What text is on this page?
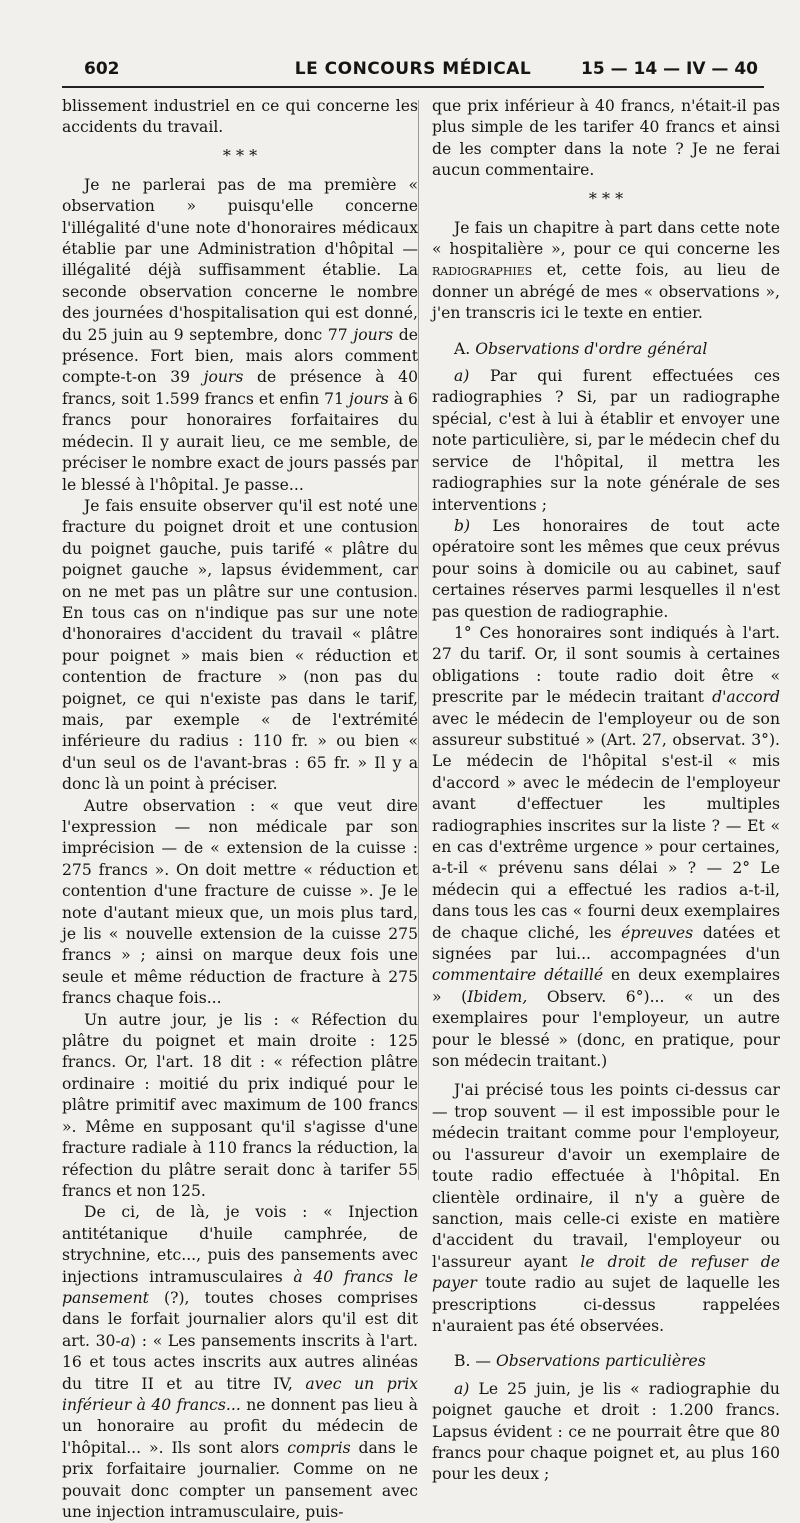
602	LE CONCOURS MÉDICAL	15 — 14 — IV — 40

blissement industriel en ce qui concerne les accidents du travail.

* * *

Je ne parlerai pas de ma première « observation » puisqu'elle concerne l'illégalité d'une note d'honoraires médicaux établie par une Administration d'hôpital — illégalité déjà suffisamment établie. La seconde observation concerne le nombre des journées d'hospitalisation qui est donné, du 25 juin au 9 septembre, donc 77 jours de présence. Fort bien, mais alors comment compte-t-on 39 jours de présence à 40 francs, soit 1.599 francs et enfin 71 jours à 6 francs pour honoraires forfaitaires du médecin. Il y aurait lieu, ce me semble, de préciser le nombre exact de jours passés par le blessé à l'hôpital. Je passe...

Je fais ensuite observer qu'il est noté une fracture du poignet droit et une contusion du poignet gauche, puis tarifé « plâtre du poignet gauche », lapsus évidemment, car on ne met pas un plâtre sur une contusion. En tous cas on n'indique pas sur une note d'honoraires d'accident du travail « plâtre pour poignet » mais bien « réduction et contention de fracture » (non pas du poignet, ce qui n'existe pas dans le tarif, mais, par exemple « de l'extrémité inférieure du radius : 110 fr. » ou bien « d'un seul os de l'avant-bras : 65 fr. » Il y a donc là un point à préciser.

Autre observation : « que veut dire l'expression — non médicale par son imprécision — de « extension de la cuisse : 275 francs ». On doit mettre « réduction et contention d'une fracture de cuisse ». Je le note d'autant mieux que, un mois plus tard, je lis « nouvelle extension de la cuisse 275 francs » ; ainsi on marque deux fois une seule et même réduction de fracture à 275 francs chaque fois...

Un autre jour, je lis : « Réfection du plâtre du poignet et main droite : 125 francs. Or, l'art. 18 dit : « réfection plâtre ordinaire : moitié du prix indiqué pour le plâtre primitif avec maximum de 100 francs ». Même en supposant qu'il s'agisse d'une fracture radiale à 110 francs la réduction, la réfection du plâtre serait donc à tarifer 55 francs et non 125.

De ci, de là, je vois : « Injection antitétanique d'huile camphrée, de strychnine, etc..., puis des pansements avec injections intramusculaires à 40 francs le pansement (?), toutes choses comprises dans le forfait journalier alors qu'il est dit art. 30-a) : « Les pansements inscrits à l'art. 16 et tous actes inscrits aux autres alinéas du titre II et au titre IV, avec un prix inférieur à 40 francs... ne donnent pas lieu à un honoraire au profit du médecin de l'hôpital... ». Ils sont alors compris dans le prix forfaitaire journalier. Comme on ne pouvait donc compter un pansement avec une injection intramusculaire, puis-

que prix inférieur à 40 francs, n'était-il pas plus simple de les tarifer 40 francs et ainsi de les compter dans la note ? Je ne ferai aucun commentaire.

* * *

Je fais un chapitre à part dans cette note « hospitalière », pour ce qui concerne les radiographies et, cette fois, au lieu de donner un abrégé de mes « observations », j'en transcris ici le texte en entier.

A. Observations d'ordre général

a) Par qui furent effectuées ces radiographies ? Si, par un radiographe spécial, c'est à lui à établir et envoyer une note particulière, si, par le médecin chef du service de l'hôpital, il mettra les radiographies sur la note générale de ses interventions ;

b) Les honoraires de tout acte opératoire sont les mêmes que ceux prévus pour soins à domicile ou au cabinet, sauf certaines réserves parmi lesquelles il n'est pas question de radiographie.

1° Ces honoraires sont indiqués à l'art. 27 du tarif. Or, il sont soumis à certaines obligations : toute radio doit être « prescrite par le médecin traitant d'accord avec le médecin de l'employeur ou de son assureur substitué » (Art. 27, observat. 3°). Le médecin de l'hôpital s'est-il « mis d'accord » avec le médecin de l'employeur avant d'effectuer les multiples radiographies inscrites sur la liste ? — Et « en cas d'extrême urgence » pour certaines, a-t-il « prévenu sans délai » ? — 2° Le médecin qui a effectué les radios a-t-il, dans tous les cas « fourni deux exemplaires de chaque cliché, les épreuves datées et signées par lui... accompagnées d'un commentaire détaillé en deux exemplaires » (Ibidem, Observ. 6°)... « un des exemplaires pour l'employeur, un autre pour le blessé » (donc, en pratique, pour son médecin traitant.)

J'ai précisé tous les points ci-dessus car — trop souvent — il est impossible pour le médecin traitant comme pour l'employeur, ou l'assureur d'avoir un exemplaire de toute radio effectuée à l'hôpital. En clientèle ordinaire, il n'y a guère de sanction, mais celle-ci existe en matière d'accident du travail, l'employeur ou l'assureur ayant le droit de refuser de payer toute radio au sujet de laquelle les prescriptions ci-dessus rappelées n'auraient pas été observées.

B. — Observations particulières

a) Le 25 juin, je lis « radiographie du poignet gauche et droit : 1.200 francs. Lapsus évident : ce ne pourrait être que 80 francs pour chaque poignet et, au plus 160 pour les deux ;
